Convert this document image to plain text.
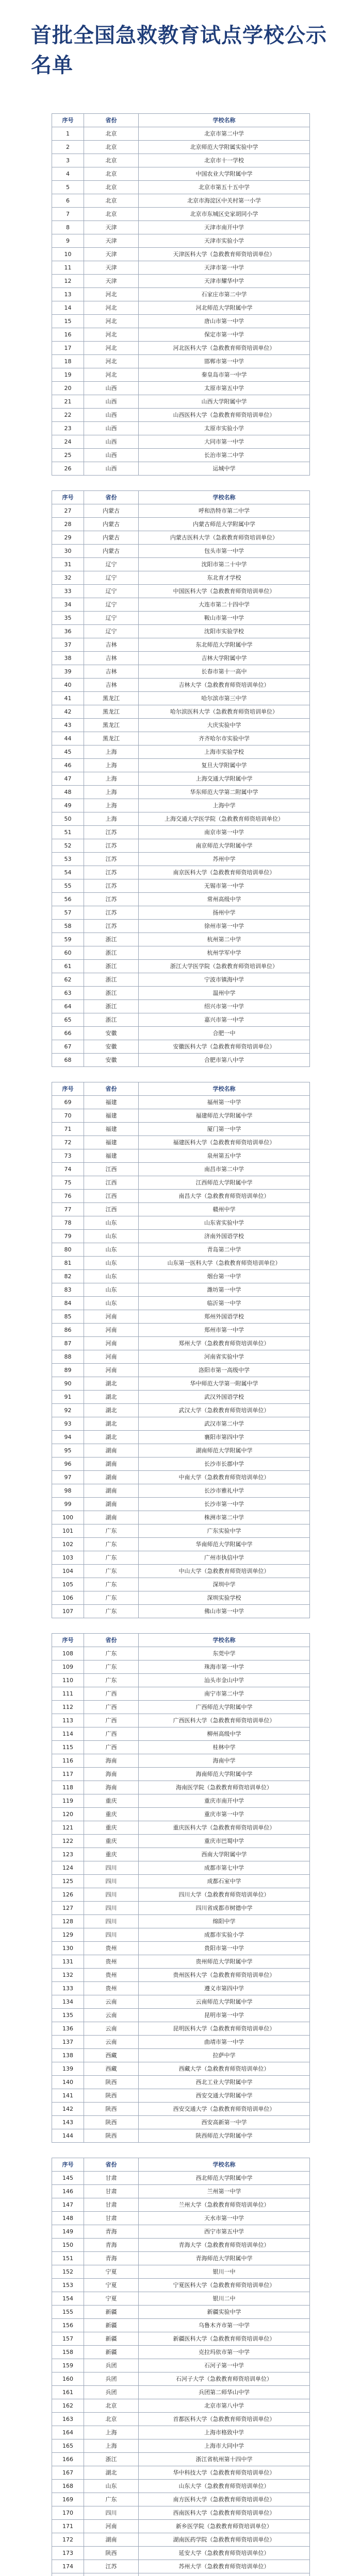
首批全国急救教育试点学校公示名单
序号	省份	学校名称
1	北京	北京市第二中学
2	北京	北京师范大学附属实验中学
3	北京	北京市十一学校
4	北京	中国农业大学附属中学
5	北京	北京市第五十五中学
6	北京	北京市海淀区中关村第一小学
7	北京	北京市东城区史家胡同小学
8	天津	天津市南开中学
9	天津	天津市实验小学
10	天津	天津医科大学（急救教育师资培训单位）
11	天津	天津市第一中学
12	天津	天津市耀华中学
13	河北	石家庄市第二中学
14	河北	河北师范大学附属中学
15	河北	唐山市第一中学
16	河北	保定市第一中学
17	河北	河北医科大学（急救教育师资培训单位）
18	河北	邯郸市第一中学
19	河北	秦皇岛市第一中学
20	山西	太原市第五中学
21	山西	山西大学附属中学
22	山西	山西医科大学（急救教育师资培训单位）
23	山西	太原市实验小学
24	山西	大同市第一中学
25	山西	长治市第二中学
26	山西	运城中学

序号	省份	学校名称
27	内蒙古	呼和浩特市第二中学
28	内蒙古	内蒙古师范大学附属中学
29	内蒙古	内蒙古医科大学（急救教育师资培训单位）
30	内蒙古	包头市第一中学
31	辽宁	沈阳市第二十中学
32	辽宁	东北育才学校
33	辽宁	中国医科大学（急救教育师资培训单位）
34	辽宁	大连市第二十四中学
35	辽宁	鞍山市第一中学
36	辽宁	沈阳市实验学校
37	吉林	东北师范大学附属中学
38	吉林	吉林大学附属中学
39	吉林	长春市第十一高中
40	吉林	吉林大学（急救教育师资培训单位）
41	黑龙江	哈尔滨市第三中学
42	黑龙江	哈尔滨医科大学（急救教育师资培训单位）
43	黑龙江	大庆实验中学
44	黑龙江	齐齐哈尔市实验中学
45	上海	上海市实验学校
46	上海	复旦大学附属中学
47	上海	上海交通大学附属中学
48	上海	华东师范大学第二附属中学
49	上海	上海中学
50	上海	上海交通大学医学院（急救教育师资培训单位）
51	江苏	南京市第一中学
52	江苏	南京师范大学附属中学
53	江苏	苏州中学
54	江苏	南京医科大学（急救教育师资培训单位）
55	江苏	无锡市第一中学
56	江苏	常州高级中学
57	江苏	扬州中学
58	江苏	徐州市第一中学
59	浙江	杭州第二中学
60	浙江	杭州学军中学
61	浙江	浙江大学医学院（急救教育师资培训单位）
62	浙江	宁波市镇海中学
63	浙江	温州中学
64	浙江	绍兴市第一中学
65	浙江	嘉兴市第一中学
66	安徽	合肥一中
67	安徽	安徽医科大学（急救教育师资培训单位）
68	安徽	合肥市第八中学

序号	省份	学校名称
69	福建	福州第一中学
70	福建	福建师范大学附属中学
71	福建	厦门第一中学
72	福建	福建医科大学（急救教育师资培训单位）
73	福建	泉州第五中学
74	江西	南昌市第二中学
75	江西	江西师范大学附属中学
76	江西	南昌大学（急救教育师资培训单位）
77	江西	赣州中学
78	山东	山东省实验中学
79	山东	济南外国语学校
80	山东	青岛第二中学
81	山东	山东第一医科大学（急救教育师资培训单位）
82	山东	烟台第一中学
83	山东	潍坊第一中学
84	山东	临沂第一中学
85	河南	郑州外国语学校
86	河南	郑州市第一中学
87	河南	郑州大学（急救教育师资培训单位）
88	河南	河南省实验中学
89	河南	洛阳市第一高级中学
90	湖北	华中师范大学第一附属中学
91	湖北	武汉外国语学校
92	湖北	武汉大学（急救教育师资培训单位）
93	湖北	武汉市第二中学
94	湖北	襄阳市第四中学
95	湖南	湖南师范大学附属中学
96	湖南	长沙市长郡中学
97	湖南	中南大学（急救教育师资培训单位）
98	湖南	长沙市雅礼中学
99	湖南	长沙市第一中学
100	湖南	株洲市第二中学
101	广东	广东实验中学
102	广东	华南师范大学附属中学
103	广东	广州市执信中学
104	广东	中山大学（急救教育师资培训单位）
105	广东	深圳中学
106	广东	深圳实验学校
107	广东	佛山市第一中学

序号	省份	学校名称
108	广东	东莞中学
109	广东	珠海市第一中学
110	广东	汕头市金山中学
111	广西	南宁市第二中学
112	广西	广西师范大学附属中学
113	广西	广西医科大学（急救教育师资培训单位）
114	广西	柳州高级中学
115	广西	桂林中学
116	海南	海南中学
117	海南	海南师范大学附属中学
118	海南	海南医学院（急救教育师资培训单位）
119	重庆	重庆市南开中学
120	重庆	重庆市第一中学
121	重庆	重庆医科大学（急救教育师资培训单位）
122	重庆	重庆市巴蜀中学
123	重庆	西南大学附属中学
124	四川	成都市第七中学
125	四川	成都石室中学
126	四川	四川大学（急救教育师资培训单位）
127	四川	四川省成都市树德中学
128	四川	绵阳中学
129	四川	成都市实验小学
130	贵州	贵阳市第一中学
131	贵州	贵州师范大学附属中学
132	贵州	贵州医科大学（急救教育师资培训单位）
133	贵州	遵义市第四中学
134	云南	云南师范大学附属中学
135	云南	昆明市第一中学
136	云南	昆明医科大学（急救教育师资培训单位）
137	云南	曲靖市第一中学
138	西藏	拉萨中学
139	西藏	西藏大学（急救教育师资培训单位）
140	陕西	西北工业大学附属中学
141	陕西	西安交通大学附属中学
142	陕西	西安交通大学（急救教育师资培训单位）
143	陕西	西安高新第一中学
144	陕西	陕西师范大学附属中学

序号	省份	学校名称
145	甘肃	西北师范大学附属中学
146	甘肃	兰州第一中学
147	甘肃	兰州大学（急救教育师资培训单位）
148	甘肃	天水市第一中学
149	青海	西宁市第五中学
150	青海	青海大学（急救教育师资培训单位）
151	青海	青海师范大学附属中学
152	宁夏	银川一中
153	宁夏	宁夏医科大学（急救教育师资培训单位）
154	宁夏	银川二中
155	新疆	新疆实验中学
156	新疆	乌鲁木齐市第一中学
157	新疆	新疆医科大学（急救教育师资培训单位）
158	新疆	克拉玛依市第一中学
159	兵团	石河子第一中学
160	兵团	石河子大学（急救教育师资培训单位）
161	兵团	兵团第二师华山中学
162	北京	北京市第八中学
163	北京	首都医科大学（急救教育师资培训单位）
164	上海	上海市格致中学
165	上海	上海市大同中学
166	浙江	浙江省杭州第十四中学
167	湖北	华中科技大学（急救教育师资培训单位）
168	山东	山东大学（急救教育师资培训单位）
169	广东	南方医科大学（急救教育师资培训单位）
170	四川	西南医科大学（急救教育师资培训单位）
171	河南	新乡医学院（急救教育师资培训单位）
172	湖南	湖南医药学院（急救教育师资培训单位）
173	陕西	延安大学（急救教育师资培训单位）
174	江苏	苏州大学（急救教育师资培训单位）
